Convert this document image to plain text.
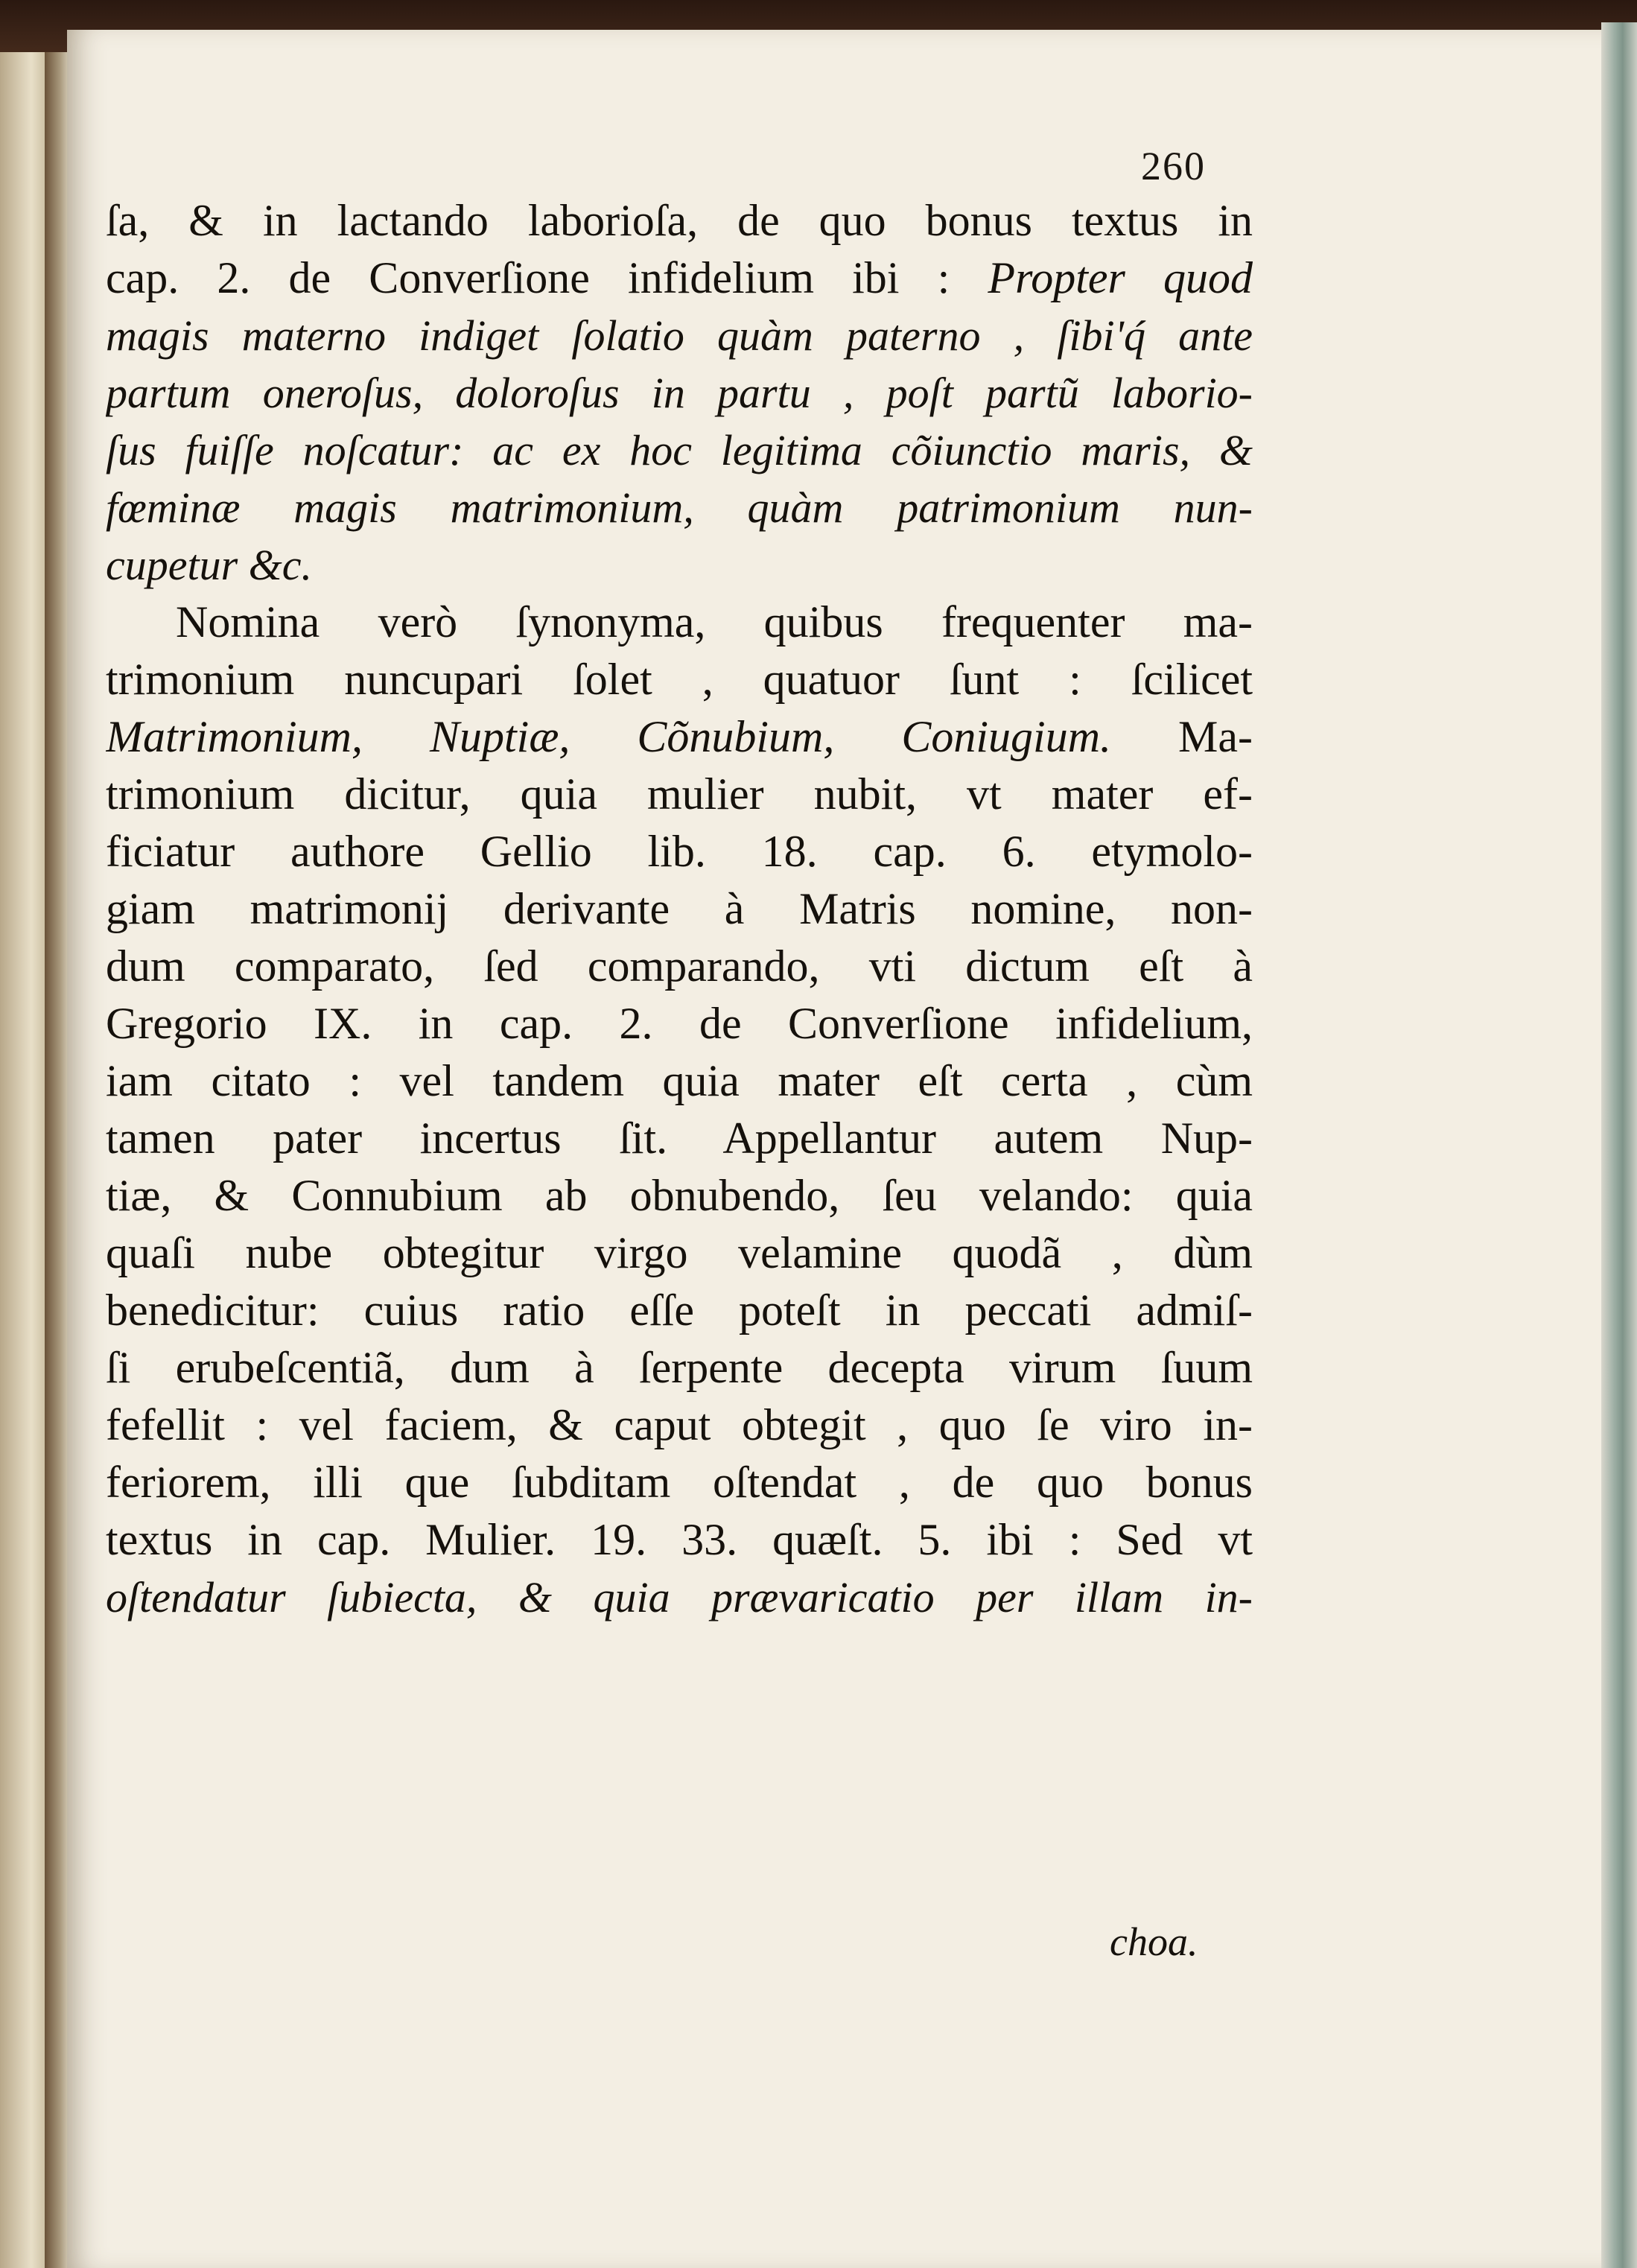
260
ſa, & in lactando laborioſa, de quo bonus textus in
cap. 2. de Converſione infidelium ibi : Propter quod
magis materno indiget ſolatio quàm paterno , ſibi'q́ ante
partum oneroſus, doloroſus in partu , poſt partũ laborio-
ſus fuiſſe noſcatur: ac ex hoc legitima cõiunctio maris, &
fœminæ magis matrimonium, quàm patrimonium nun-
cupetur &c.
Nomina verò ſynonyma, quibus frequenter ma-
trimonium nuncupari ſolet , quatuor ſunt : ſcilicet
Matrimonium, Nuptiæ, Cõnubium, Coniugium. Ma-
trimonium dicitur, quia mulier nubit, vt mater ef-
ficiatur authore Gellio lib. 18. cap. 6. etymolo-
giam matrimonij derivante à Matris nomine, non-
dum comparato, ſed comparando, vti dictum eſt à
Gregorio IX. in cap. 2. de Converſione infidelium,
iam citato : vel tandem quia mater eſt certa , cùm
tamen pater incertus ſit. Appellantur autem Nup-
tiæ, & Connubium ab obnubendo, ſeu velando: quia
quaſi nube obtegitur virgo velamine quodã , dùm
benedicitur: cuius ratio eſſe poteſt in peccati admiſ-
ſi erubeſcentiã, dum à ſerpente decepta virum ſuum
fefellit : vel faciem, & caput obtegit , quo ſe viro in-
feriorem, illi que ſubditam oſtendat , de quo bonus
textus in cap. Mulier. 19. 33. quæſt. 5. ibi : Sed vt
oſtendatur ſubiecta, & quia prævaricatio per illam in-
choa.
